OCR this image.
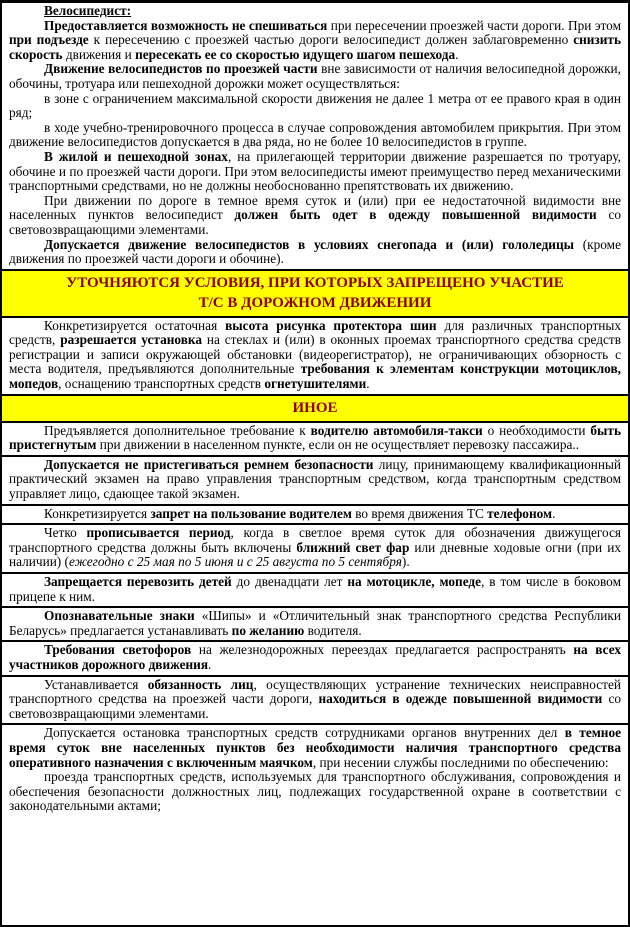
Велосипедист:

Предоставляется возможность не спешиваться при пересечении проезжей части дороги. При этом при подъезде к пересечению с проезжей частью дороги велосипедист должен заблаговременно снизить скорость движения и пересекать ее со скоростью идущего шагом пешехода.

Движение велосипедистов по проезжей части вне зависимости от наличия велосипедной дорожки, обочины, тротуара или пешеходной дорожки может осуществляться:

в зоне с ограничением максимальной скорости движения не далее 1 метра от ее правого края в один ряд;

в ходе учебно-тренировочного процесса в случае сопровождения автомобилем прикрытия. При этом движение велосипедистов допускается в два ряда, но не более 10 велосипедистов в группе.

В жилой и пешеходной зонах, на прилегающей территории движение разрешается по тротуару, обочине и по проезжей части дороги. При этом велосипедисты имеют преимущество перед механическими транспортными средствами, но не должны необоснованно препятствовать их движению.

При движении по дороге в темное время суток и (или) при ее недостаточной видимости вне населенных пунктов велосипедист должен быть одет в одежду повышенной видимости со световозвращающими элементами.

Допускается движение велосипедистов в условиях снегопада и (или) гололедицы (кроме движения по проезжей части дороги и обочине).

УТОЧНЯЮТСЯ УСЛОВИЯ, ПРИ КОТОРЫХ ЗАПРЕЩЕНО УЧАСТИЕ
Т/С В ДОРОЖНОМ ДВИЖЕНИИ

Конкретизируется остаточная высота рисунка протектора шин для различных транспортных средств, разрешается установка на стеклах и (или) в оконных проемах транспортного средства средств регистрации и записи окружающей обстановки (видеорегистратор), не ограничивающих обзорность с места водителя, предъявляются дополнительные требования к элементам конструкции мотоциклов, мопедов, оснащению транспортных средств огнетушителями.

ИНОЕ

Предъявляется дополнительное требование к водителю автомобиля-такси о необходимости быть пристегнутым при движении в населенном пункте, если он не осуществляет перевозку пассажира..

Допускается не пристегиваться ремнем безопасности лицу, принимающему квалификационный практический экзамен на право управления транспортным средством, когда транспортным средством управляет лицо, сдающее такой экзамен.

Конкретизируется запрет на пользование водителем во время движения ТС телефоном.

Четко прописывается период, когда в светлое время суток для обозначения движущегося транспортного средства должны быть включены ближний свет фар или дневные ходовые огни (при их наличии) (ежегодно с 25 мая по 5 июня и с 25 августа по 5 сентября).

Запрещается перевозить детей до двенадцати лет на мотоцикле, мопеде, в том числе в боковом прицепе к ним.

Опознавательные знаки «Шипы» и «Отличительный знак транспортного средства Республики Беларусь» предлагается устанавливать по желанию водителя.

Требования светофоров на железнодорожных переездах предлагается распространять на всех участников дорожного движения.

Устанавливается обязанность лиц, осуществляющих устранение технических неисправностей транспортного средства на проезжей части дороги, находиться в одежде повышенной видимости со световозвращающими элементами.

Допускается остановка транспортных средств сотрудниками органов внутренних дел в темное время суток вне населенных пунктов без необходимости наличия транспортного средства оперативного назначения с включенным маячком, при несении службы последними по обеспечению:

проезда транспортных средств, используемых для транспортного обслуживания, сопровождения и обеспечения безопасности должностных лиц, подлежащих государственной охране в соответствии с законодательными актами;
